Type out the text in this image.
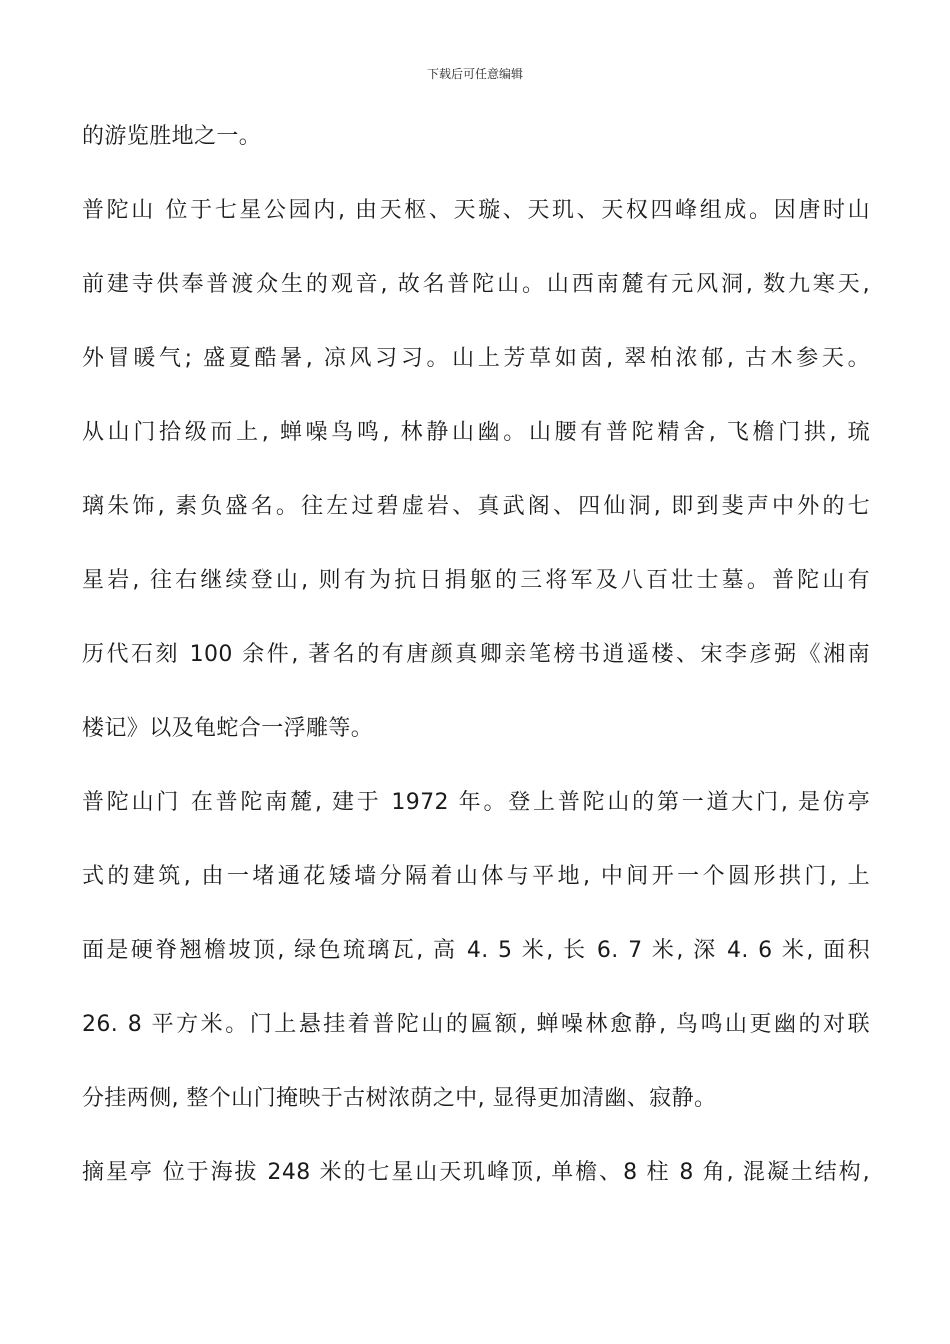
下载后可任意编辑
的游览胜地之一。
普陀山 位于七星公园内, 由天枢、天璇、天玑、天权四峰组成。因唐时山
前建寺供奉普渡众生的观音, 故名普陀山。山西南麓有元风洞, 数九寒天,
外冒暖气; 盛夏酷暑, 凉风习习。山上芳草如茵, 翠柏浓郁, 古木参天。
从山门拾级而上, 蝉噪鸟鸣, 林静山幽。山腰有普陀精舍, 飞檐门拱, 琉
璃朱饰, 素负盛名。往左过碧虚岩、真武阁、四仙洞, 即到斐声中外的七
星岩, 往右继续登山, 则有为抗日捐躯的三将军及八百壮士墓。普陀山有
历代石刻 100 余件, 著名的有唐颜真卿亲笔榜书逍遥楼、宋李彦弼《湘南
楼记》以及龟蛇合一浮雕等。
普陀山门 在普陀南麓, 建于 1972 年。登上普陀山的第一道大门, 是仿亭
式的建筑, 由一堵通花矮墙分隔着山体与平地, 中间开一个圆形拱门, 上
面是硬脊翘檐坡顶, 绿色琉璃瓦, 高 4. 5 米, 长 6. 7 米, 深 4. 6 米, 面积
26. 8 平方米。门上悬挂着普陀山的匾额, 蝉噪林愈静, 鸟鸣山更幽的对联
分挂两侧, 整个山门掩映于古树浓荫之中, 显得更加清幽、寂静。
摘星亭 位于海拔 248 米的七星山天玑峰顶, 单檐、8 柱 8 角, 混凝土结构,
